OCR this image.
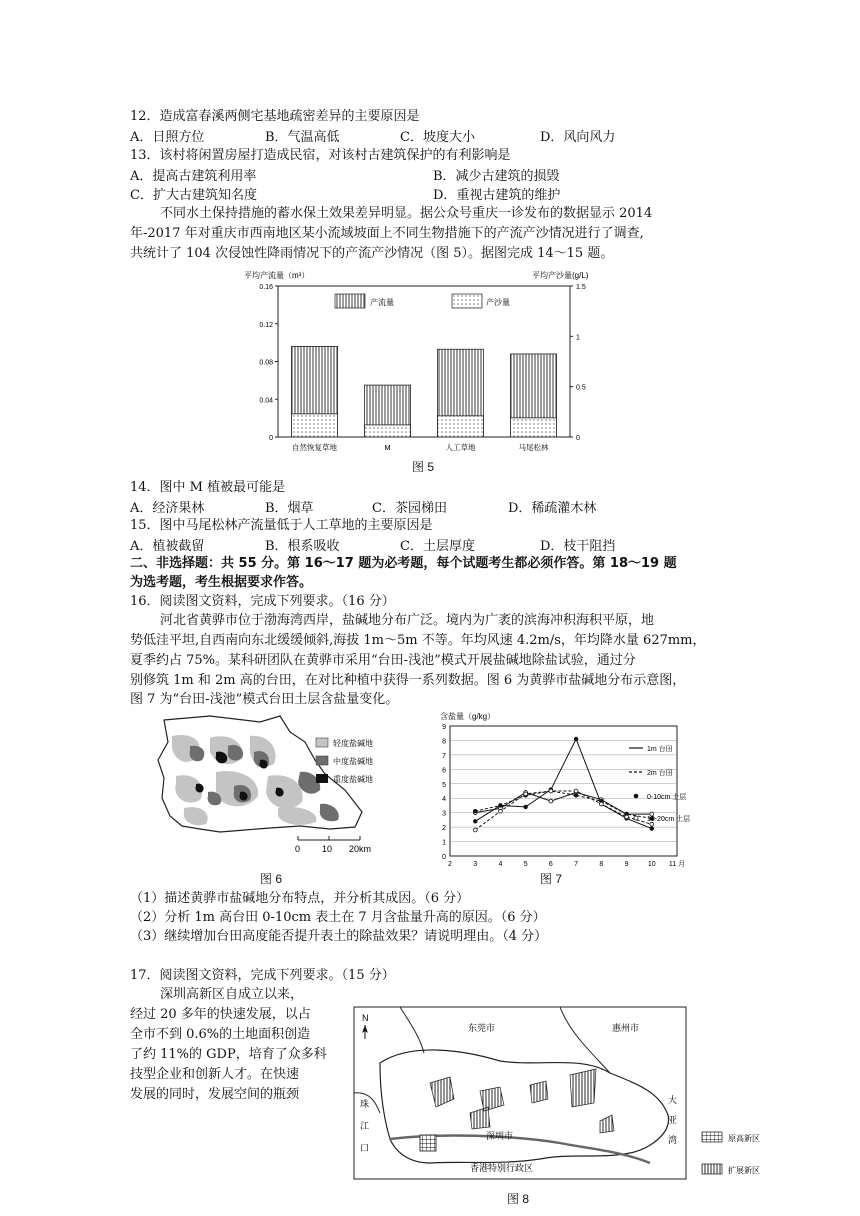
12．造成富春溪两侧宅基地疏密差异的主要原因是
A．日照方位	B．气温高低	C．坡度大小	D．风向风力
13．该村将闲置房屋打造成民宿，对该村古建筑保护的有利影响是
A．提高古建筑利用率	B．减少古建筑的损毁
C．扩大古建筑知名度	D．重视古建筑的维护
不同水土保持措施的蓄水保土效果差异明显。据公众号重庆一诊发布的数据显示 2014
年-2017 年对重庆市西南地区某小流域坡面上不同生物措施下的产流产沙情况进行了调查,
共统计了 104 次侵蚀性降雨情况下的产流产沙情况（图 5）。据图完成 14～15 题。
平均产流量（m³）	平均产沙量(g/L)
0.16
0.12
0.08
0.04
0
1.5
1
0.5
0
自然恢复草地	M	人工草地	马尾松林
产流量	产沙量
图 5
14．图中 M 植被最可能是
A．经济果林	B．烟草	C．茶园梯田	D．稀疏灌木林
15．图中马尾松林产流量低于人工草地的主要原因是
A．植被截留	B．根系吸收	C．土层厚度	D．枝干阻挡
二、非选择题：共 55 分。第 16～17 题为必考题，每个试题考生都必须作答。第 18～19 题
为选考题，考生根据要求作答。
16．阅读图文资料，完成下列要求。（16 分）
河北省黄骅市位于渤海湾西岸，盐碱地分布广泛。境内为广袤的滨海冲积海积平原，地
势低洼平坦,自西南向东北缓缓倾斜,海拔 1m～5m 不等。年均风速 4.2m/s，年均降水量 627mm，
夏季约占 75%。某科研团队在黄骅市采用“台田-浅池”模式开展盐碱地除盐试验，通过分
别修筑 1m 和 2m 高的台田，在对比种植中获得一系列数据。图 6 为黄骅市盐碱地分布示意图，
图 7 为“台田-浅池”模式台田土层含盐量变化。
轻度盐碱地
中度盐碱地
重度盐碱地
0 10 20km
图 6
含盐量（g/kg）
9
8
7
6
5
4
3
2
1
0
2	3	4	5	6	7	8	9	10 11 月
1m 台田
2m 台田
0-10cm 土层
10-20cm 土层
图 7
（1）描述黄骅市盐碱地分布特点，并分析其成因。（6 分）
（2）分析 1m 高台田 0-10cm 表土在 7 月含盐量升高的原因。（6 分）
（3）继续增加台田高度能否提升表土的除盐效果？请说明理由。（4 分）
17．阅读图文资料，完成下列要求。（15 分）
深圳高新区自成立以来，
经过 20 多年的快速发展，以占
全市不到 0.6%的土地面积创造
了约 11%的 GDP，培育了众多科
技型企业和创新人才。在快速
发展的同时，发展空间的瓶颈
N
东莞市	惠州市
深圳市
香港特别行政区
大
亚
湾
珠
江
口
原高新区
扩展新区
图 8
